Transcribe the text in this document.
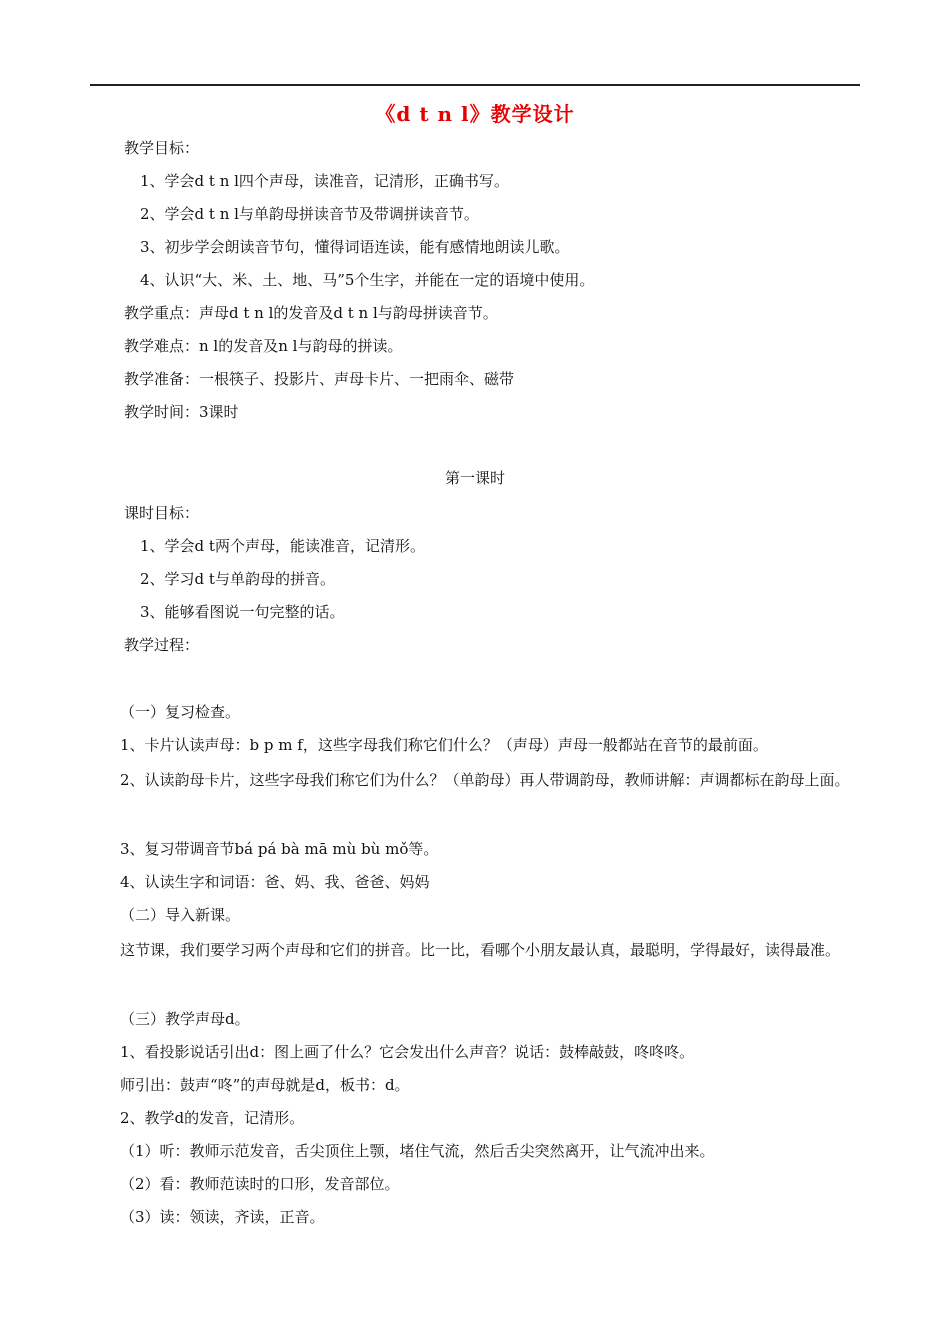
《d t n l》教学设计
教学目标：
1、学会d t n l四个声母，读准音，记清形，正确书写。
2、学会d t n l与单韵母拼读音节及带调拼读音节。
3、初步学会朗读音节句，懂得词语连读，能有感情地朗读儿歌。
4、认识“大、米、土、地、马”5个生字，并能在一定的语境中使用。
教学重点：声母d t n l的发音及d t n l与韵母拼读音节。
教学难点：n l的发音及n l与韵母的拼读。
教学准备：一根筷子、投影片、声母卡片、一把雨伞、磁带
教学时间：3课时
第一课时
课时目标：
1、学会d t两个声母，能读准音，记清形。
2、学习d t与单韵母的拼音。
3、能够看图说一句完整的话。
教学过程：
（一）复习检查。
1、卡片认读声母：b p m f，这些字母我们称它们什么？（声母）声母一般都站在音节的最前面。
2、认读韵母卡片，这些字母我们称它们为什么？（单韵母）再人带调韵母，教师讲解：声调都标在韵母上面。
3、复习带调音节bá pá bà mā mù bù mǒ等。
4、认读生字和词语：爸、妈、我、爸爸、妈妈
（二）导入新课。
这节课，我们要学习两个声母和它们的拼音。比一比，看哪个小朋友最认真，最聪明，学得最好，读得最准。
（三）教学声母d。
1、看投影说话引出d：图上画了什么？它会发出什么声音？说话：鼓棒敲鼓，咚咚咚。
师引出：鼓声“咚”的声母就是d，板书：d。
2、教学d的发音，记清形。
（1）听：教师示范发音，舌尖顶住上颚，堵住气流，然后舌尖突然离开，让气流冲出来。
（2）看：教师范读时的口形，发音部位。
（3）读：领读，齐读，正音。
